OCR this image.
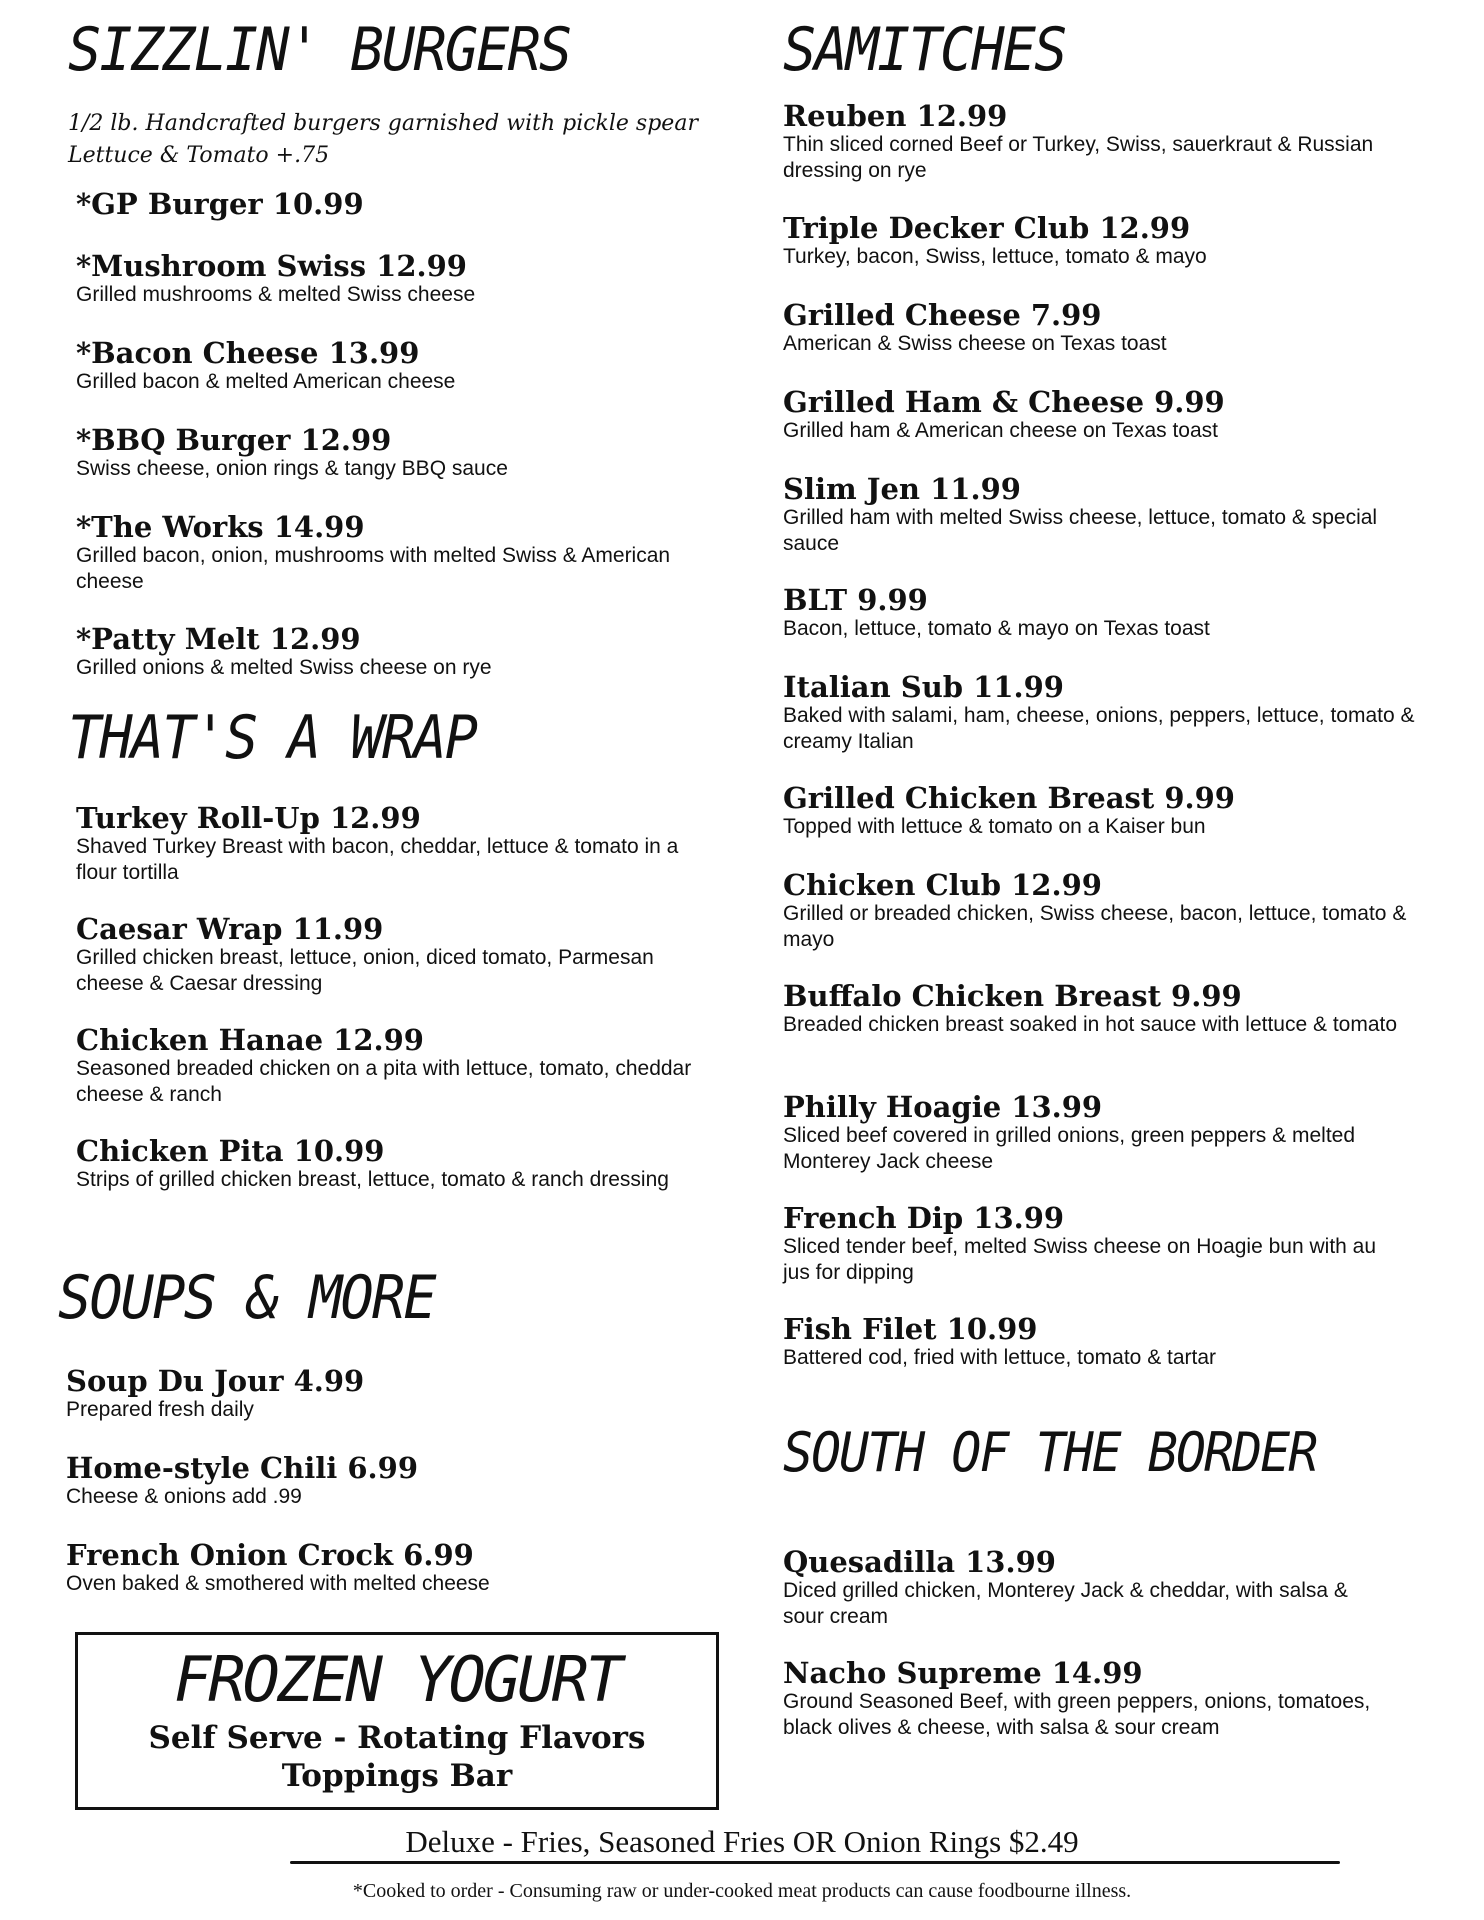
SIZZLIN' BURGERS
1/2 lb. Handcrafted burgers garnished with pickle spear
Lettuce & Tomato +.75
*GP Burger 10.99
*Mushroom Swiss 12.99
Grilled mushrooms & melted Swiss cheese
*Bacon Cheese 13.99
Grilled bacon & melted American cheese
*BBQ Burger 12.99
Swiss cheese, onion rings & tangy BBQ sauce
*The Works 14.99
Grilled bacon, onion, mushrooms with melted Swiss & American cheese
*Patty Melt 12.99
Grilled onions & melted Swiss cheese on rye
THAT'S A WRAP
Turkey Roll-Up 12.99
Shaved Turkey Breast with bacon, cheddar, lettuce & tomato in a flour tortilla
Caesar Wrap 11.99
Grilled chicken breast, lettuce, onion, diced tomato, Parmesan cheese & Caesar dressing
Chicken Hanae 12.99
Seasoned breaded chicken on a pita with lettuce, tomato, cheddar cheese & ranch
Chicken Pita 10.99
Strips of grilled chicken breast, lettuce, tomato & ranch dressing
SOUPS & MORE
Soup Du Jour 4.99
Prepared fresh daily
Home-style Chili 6.99
Cheese & onions add .99
French Onion Crock 6.99
Oven baked & smothered with melted cheese
FROZEN YOGURT
Self Serve - Rotating Flavors
Toppings Bar
SAMITCHES
Reuben 12.99
Thin sliced corned Beef or Turkey, Swiss, sauerkraut & Russian dressing on rye
Triple Decker Club 12.99
Turkey, bacon, Swiss, lettuce, tomato & mayo
Grilled Cheese 7.99
American & Swiss cheese on Texas toast
Grilled Ham & Cheese 9.99
Grilled ham & American cheese on Texas toast
Slim Jen 11.99
Grilled ham with melted Swiss cheese, lettuce, tomato & special sauce
BLT 9.99
Bacon, lettuce, tomato & mayo on Texas toast
Italian Sub 11.99
Baked with salami, ham, cheese, onions, peppers, lettuce, tomato & creamy Italian
Grilled Chicken Breast 9.99
Topped with lettuce & tomato on a Kaiser bun
Chicken Club 12.99
Grilled or breaded chicken, Swiss cheese, bacon, lettuce, tomato & mayo
Buffalo Chicken Breast 9.99
Breaded chicken breast soaked in hot sauce with lettuce & tomato
Philly Hoagie 13.99
Sliced beef covered in grilled onions, green peppers & melted Monterey Jack cheese
French Dip 13.99
Sliced tender beef, melted Swiss cheese on Hoagie bun with au jus for dipping
Fish Filet 10.99
Battered cod, fried with lettuce, tomato & tartar
SOUTH OF THE BORDER
Quesadilla 13.99
Diced grilled chicken, Monterey Jack & cheddar, with salsa & sour cream
Nacho Supreme 14.99
Ground Seasoned Beef, with green peppers, onions, tomatoes, black olives & cheese, with salsa & sour cream
Deluxe - Fries, Seasoned Fries OR Onion Rings $2.49
*Cooked to order - Consuming raw or under-cooked meat products can cause foodbourne illness.
